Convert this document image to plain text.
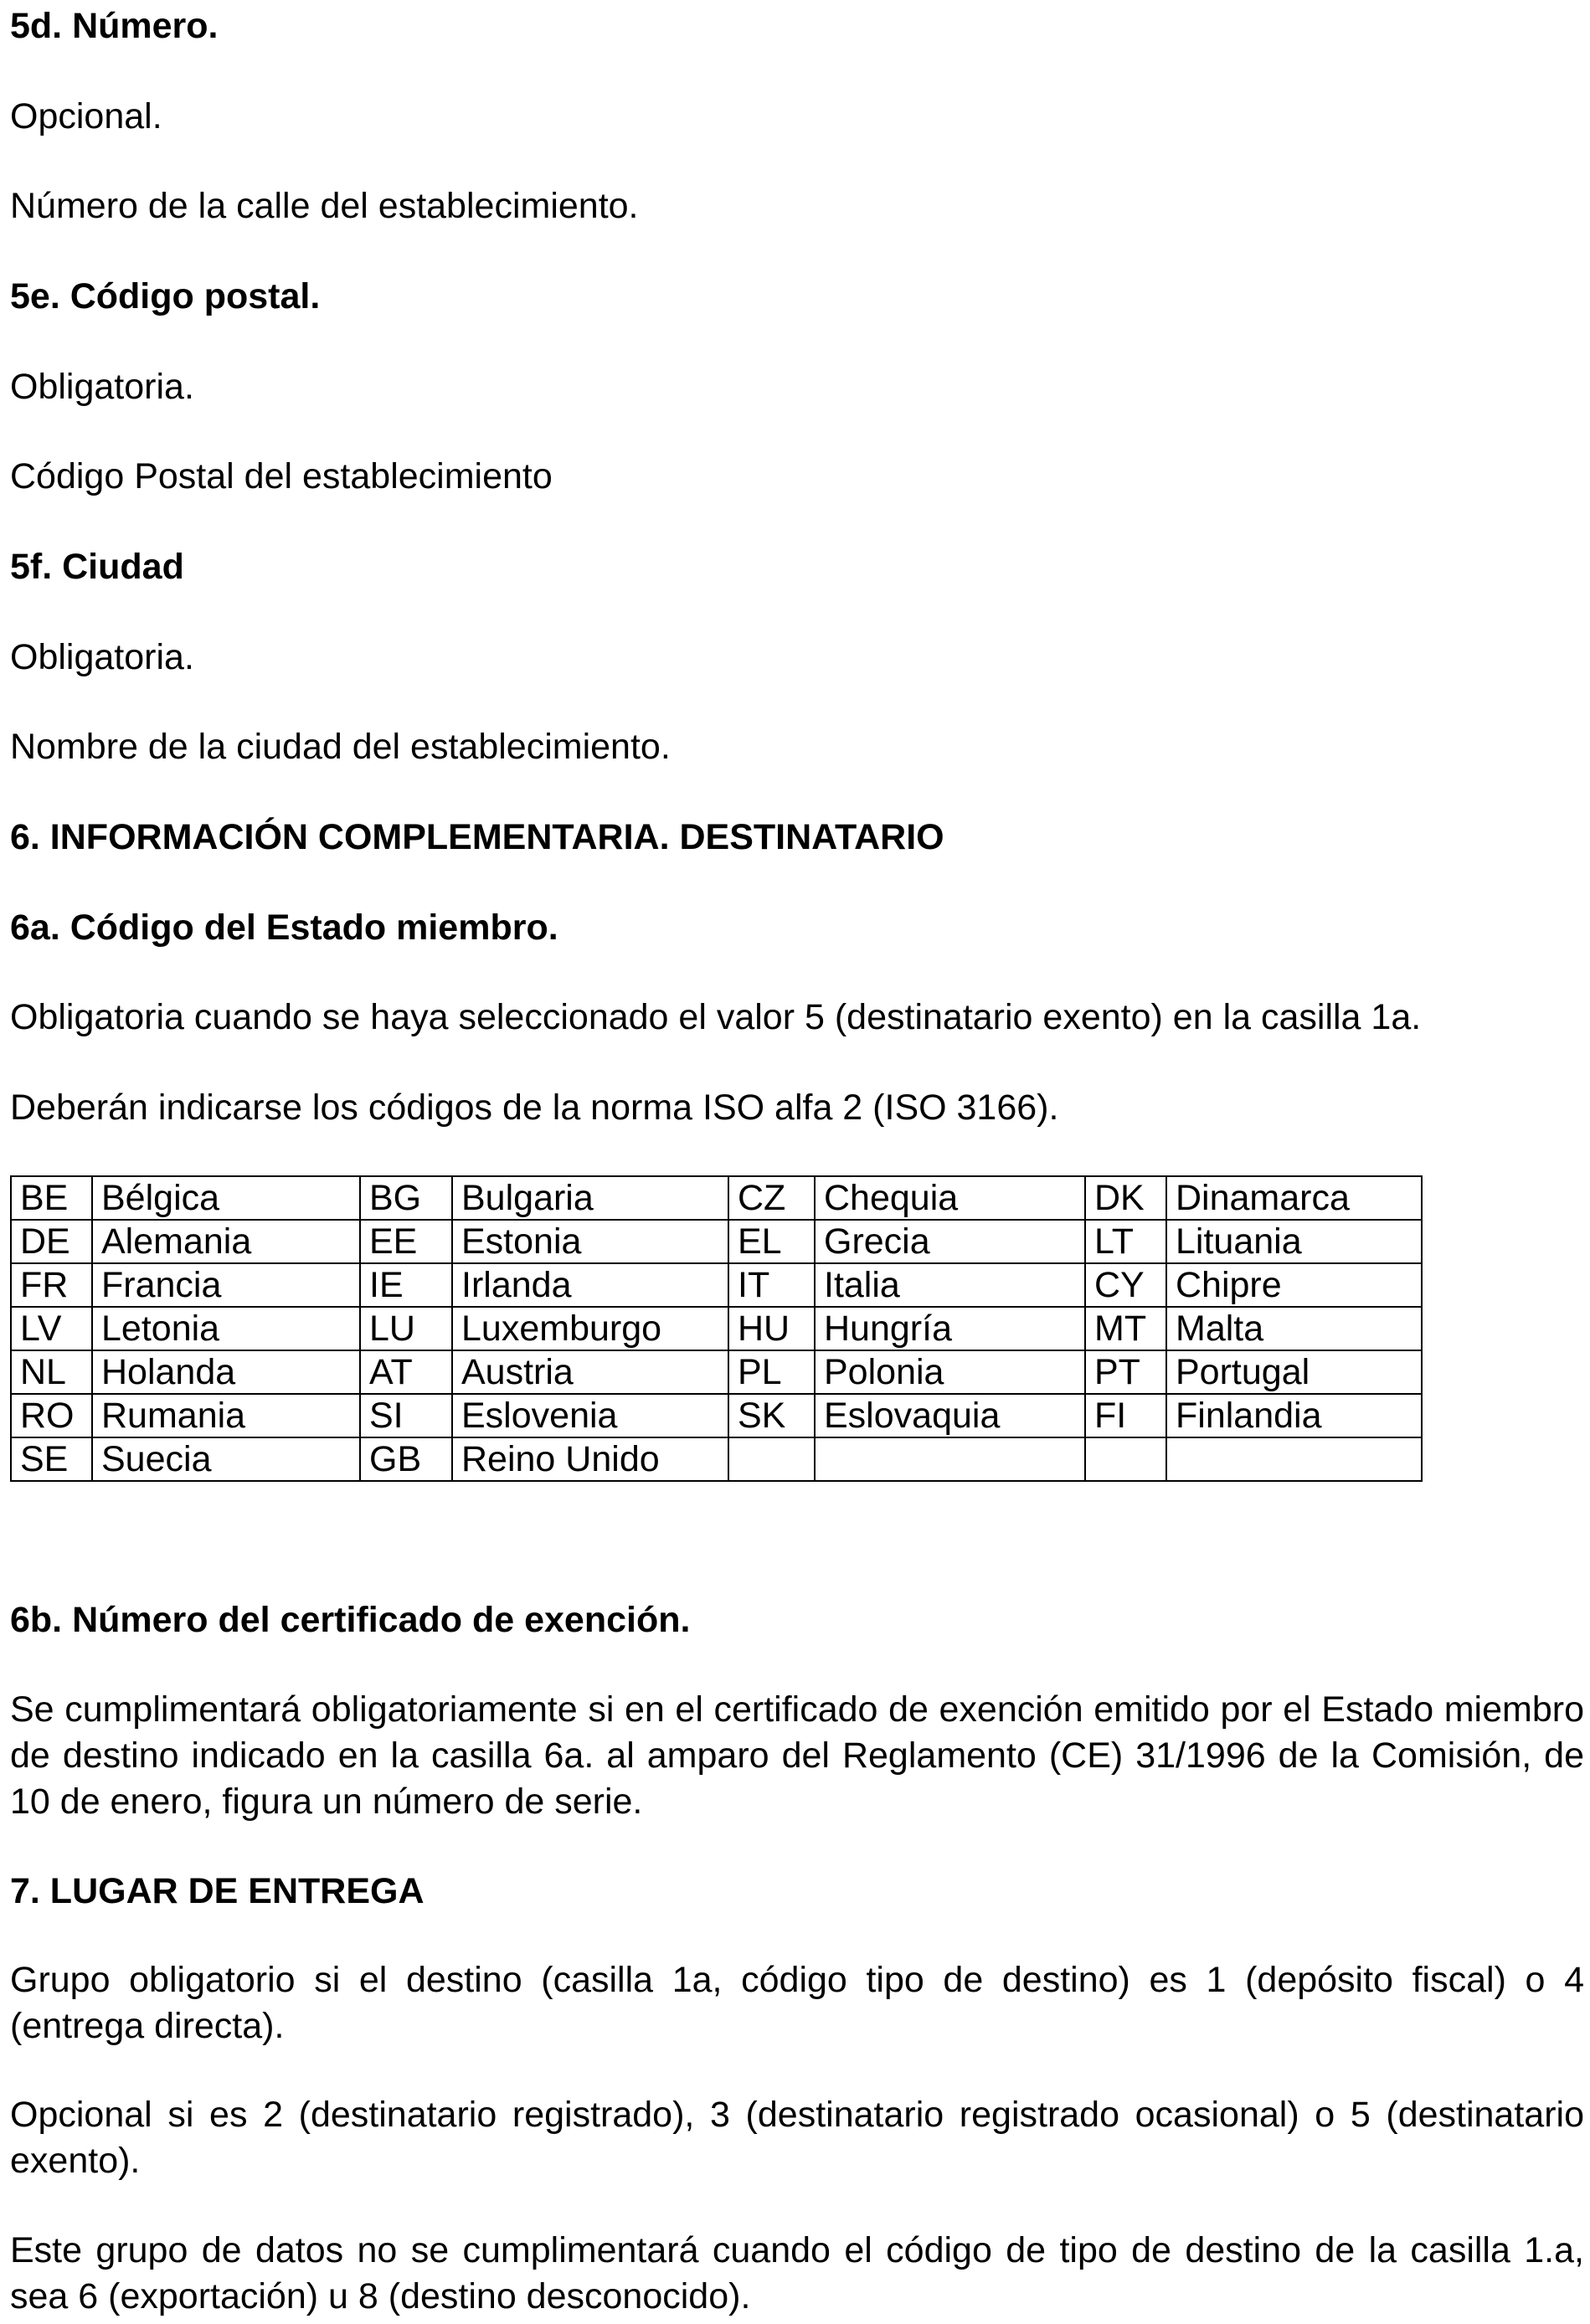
5d. Número.
Opcional.
Número de la calle del establecimiento.
5e. Código postal.
Obligatoria.
Código Postal del establecimiento
5f. Ciudad
Obligatoria.
Nombre de la ciudad del establecimiento.
6. INFORMACIÓN COMPLEMENTARIA. DESTINATARIO
6a. Código del Estado miembro.
Obligatoria cuando se haya seleccionado el valor 5 (destinatario exento) en la casilla 1a.
Deberán indicarse los códigos de la norma ISO alfa 2 (ISO 3166).
BE	Bélgica	BG	Bulgaria	CZ	Chequia	DK	Dinamarca
DE	Alemania	EE	Estonia	EL	Grecia	LT	Lituania
FR	Francia	IE	Irlanda	IT	Italia	CY	Chipre
LV	Letonia	LU	Luxemburgo	HU	Hungría	MT	Malta
NL	Holanda	AT	Austria	PL	Polonia	PT	Portugal
RO	Rumania	SI	Eslovenia	SK	Eslovaquia	FI	Finlandia
SE	Suecia	GB	Reino Unido				
6b. Número del certificado de exención.
Se cumplimentará obligatoriamente si en el certificado de exención emitido por el Estado miembro de destino indicado en la casilla 6a. al amparo del Reglamento (CE) 31/1996 de la Comisión, de 10 de enero, figura un número de serie.
7. LUGAR DE ENTREGA
Grupo obligatorio si el destino (casilla 1a, código tipo de destino) es 1 (depósito fiscal) o 4 (entrega directa).
Opcional si es 2 (destinatario registrado), 3 (destinatario registrado ocasional) o 5 (destinatario exento).
Este grupo de datos no se cumplimentará cuando el código de tipo de destino de la casilla 1.a, sea 6 (exportación) u 8 (destino desconocido).
